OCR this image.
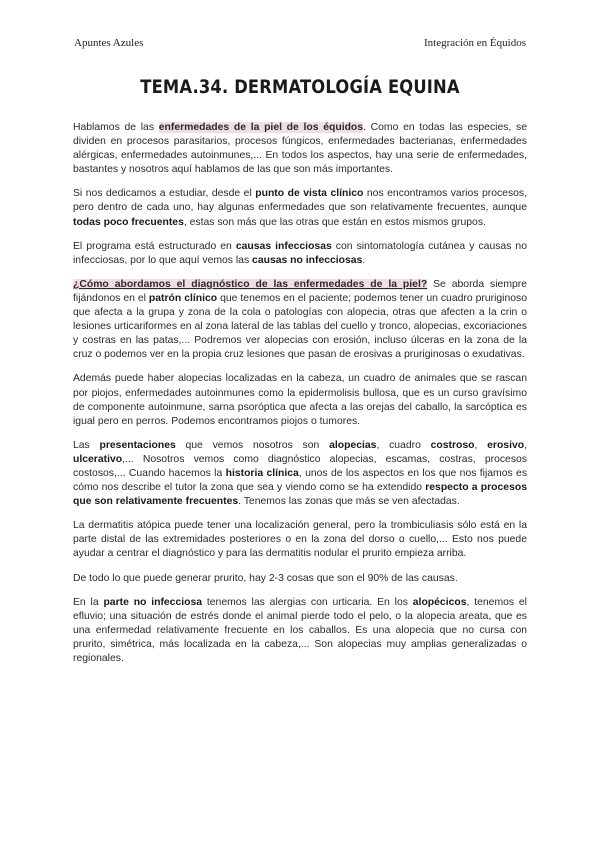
Apuntes Azules	Integración en Équidos
TEMA.34. DERMATOLOGÍA EQUINA

Hablamos de las enfermedades de la piel de los équidos. Como en todas las especies, se dividen en procesos parasitarios, procesos fúngicos, enfermedades bacterianas, enfermedades alérgicas, enfermedades autoinmunes,... En todos los aspectos, hay una serie de enfermedades, bastantes y nosotros aquí hablamos de las que son más importantes.

Si nos dedicamos a estudiar, desde el punto de vista clínico nos encontramos varios procesos, pero dentro de cada uno, hay algunas enfermedades que son relativamente frecuentes, aunque todas poco frecuentes, estas son más que las otras que están en estos mismos grupos.

El programa está estructurado en causas infecciosas con sintomatología cutánea y causas no infecciosas, por lo que aquí vemos las causas no infecciosas.

¿Cómo abordamos el diagnóstico de las enfermedades de la piel? Se aborda siempre fijándonos en el patrón clínico que tenemos en el paciente; podemos tener un cuadro pruriginoso que afecta a la grupa y zona de la cola o patologías con alopecia, otras que afecten a la crin o lesiones urticariformes en al zona lateral de las tablas del cuello y tronco, alopecias, excoriaciones y costras en las patas,... Podremos ver alopecias con erosión, incluso úlceras en la zona de la cruz o podemos ver en la propia cruz lesiones que pasan de erosivas a pruriginosas o exudativas.

Además puede haber alopecias localizadas en la cabeza, un cuadro de animales que se rascan por piojos, enfermedades autoinmunes como la epidermolisis bullosa, que es un curso gravísimo de componente autoinmune, sarna psoróptica que afecta a las orejas del caballo, la sarcóptica es igual pero en perros. Podemos encontramos piojos o tumores.

Las presentaciones que vemos nosotros son alopecias, cuadro costroso, erosivo, ulcerativo,... Nosotros vemos como diagnóstico alopecias, escamas, costras, procesos costosos,... Cuando hacemos la historia clínica, unos de los aspectos en los que nos fijamos es cómo nos describe el tutor la zona que sea y viendo como se ha extendido respecto a procesos que son relativamente frecuentes. Tenemos las zonas que más se ven afectadas.

La dermatitis atópica puede tener una localización general, pero la trombiculiasis sólo está en la parte distal de las extremidades posteriores o en la zona del dorso o cuello,... Esto nos puede ayudar a centrar el diagnóstico y para las dermatitis nodular el prurito empieza arriba.

De todo lo que puede generar prurito, hay 2-3 cosas que son el 90% de las causas.

En la parte no infecciosa tenemos las alergias con urticaria. En los alopécicos, tenemos el efluvio; una situación de estrés donde el animal pierde todo el pelo, o la alopecia areata, que es una enfermedad relativamente frecuente en los caballos. Es una alopecia que no cursa con prurito, simétrica, más localizada en la cabeza,... Son alopecias muy amplias generalizadas o regionales.
